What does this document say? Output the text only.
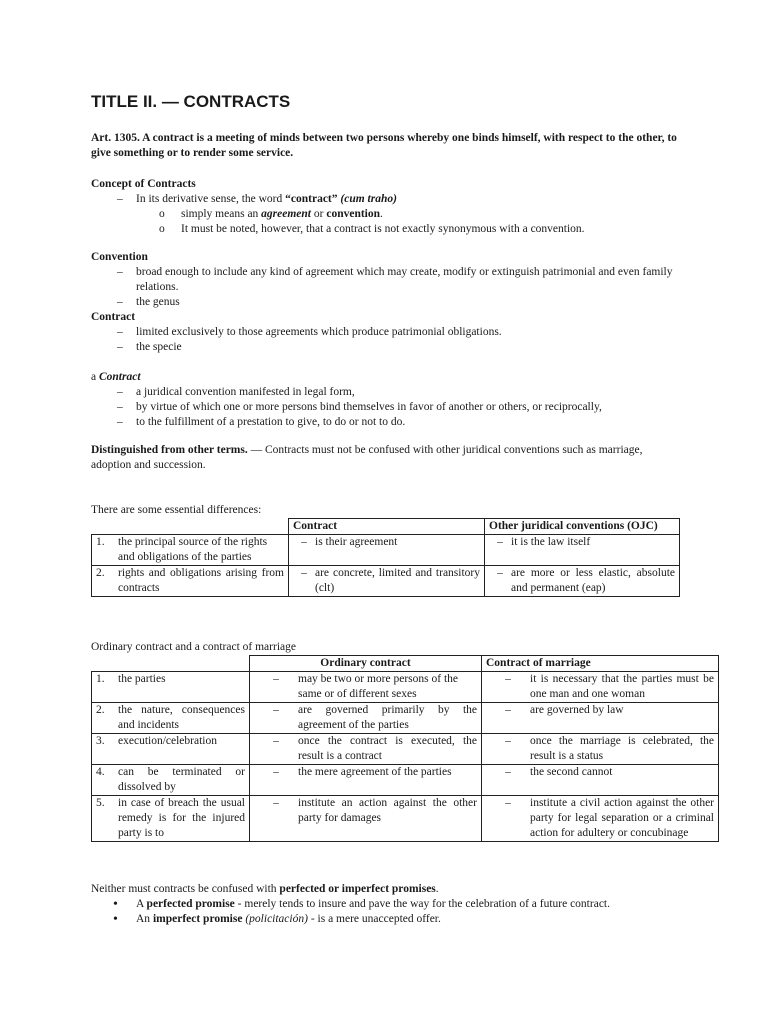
TITLE II. — CONTRACTS
Art. 1305. A contract is a meeting of minds between two persons whereby one binds himself, with respect to the other, to give something or to render some service.
Concept of Contracts
– In its derivative sense, the word “contract” (cum traho)
o simply means an agreement or convention.
o It must be noted, however, that a contract is not exactly synonymous with a convention.
Convention
– broad enough to include any kind of agreement which may create, modify or extinguish patrimonial and even family relations.
– the genus
Contract
– limited exclusively to those agreements which produce patrimonial obligations.
– the specie
a Contract
– a juridical convention manifested in legal form,
– by virtue of which one or more persons bind themselves in favor of another or others, or reciprocally,
– to the fulfillment of a prestation to give, to do or not to do.
Distinguished from other terms. — Contracts must not be confused with other juridical conventions such as marriage,
adoption and succession.
There are some essential differences:
	Contract	Other juridical conventions (OJC)

1. the principal source of the rights and obligations of the parties	– is their agreement	– it is the law itself

2. rights and obligations arising from contracts	– are concrete, limited and transitory (clt)	– are more or less elastic, absolute and permanent (eap)
Ordinary contract and a contract of marriage
	Ordinary contract	Contract of marriage

1. the parties	– may be two or more persons of the same or of different sexes	– it is necessary that the parties must be one man and one woman

2. the nature, consequences and incidents	– are governed primarily by the agreement of the parties	– are governed by law

3. execution/celebration	– once the contract is executed, the result is a contract	– once the marriage is celebrated, the result is a status

4. can be terminated or dissolved by	– the mere agreement of the parties	– the second cannot

5. in case of breach the usual remedy is for the injured party is to	– institute an action against the other party for damages	– institute a civil action against the other party for legal separation or a criminal action for adultery or concubinage
Neither must contracts be confused with perfected or imperfect promises.
• A perfected promise - merely tends to insure and pave the way for the celebration of a future contract.
• An imperfect promise (policitación) - is a mere unaccepted offer.
